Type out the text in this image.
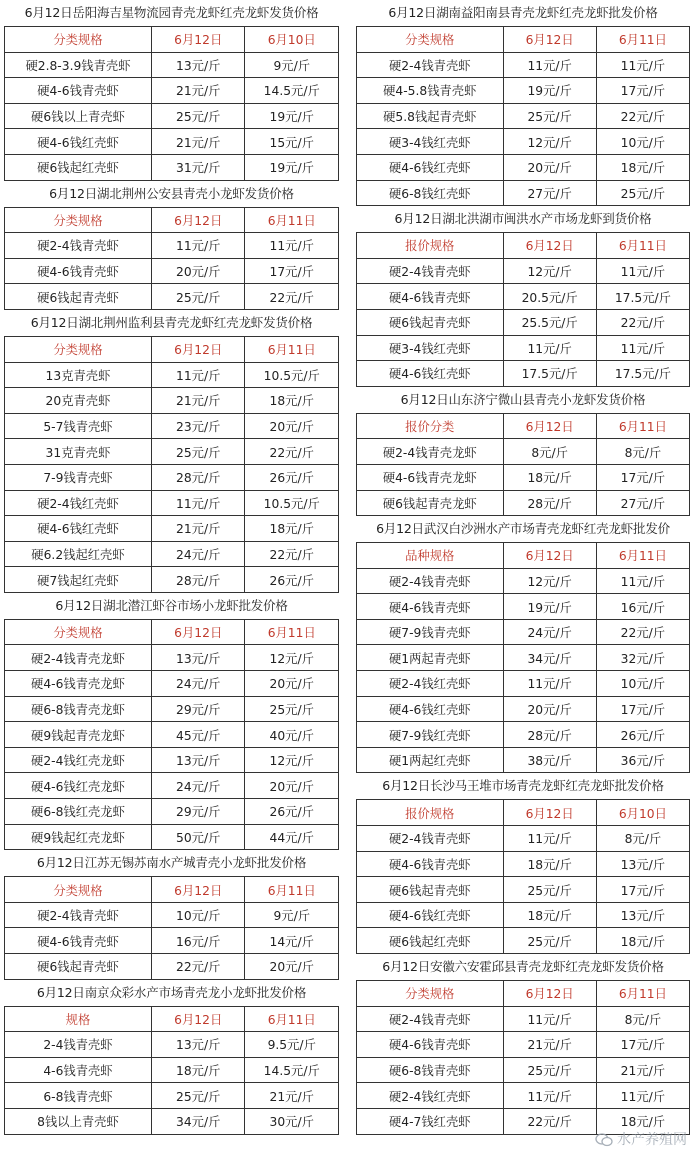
6月12日岳阳海吉星物流园青壳龙虾红壳龙虾发货价格
分类规格	6月12日	6月10日
硬2.8-3.9钱青壳虾	13元/斤	9元/斤
硬4-6钱青壳虾	21元/斤	14.5元/斤
硬6钱以上青壳虾	25元/斤	19元/斤
硬4-6钱红壳虾	21元/斤	15元/斤
硬6钱起红壳虾	31元/斤	19元/斤
6月12日湖北荆州公安县青壳小龙虾发货价格
分类规格	6月12日	6月11日
硬2-4钱青壳虾	11元/斤	11元/斤
硬4-6钱青壳虾	20元/斤	17元/斤
硬6钱起青壳虾	25元/斤	22元/斤
6月12日湖北荆州监利县青壳龙虾红壳龙虾发货价格
分类规格	6月12日	6月11日
13克青壳虾	11元/斤	10.5元/斤
20克青壳虾	21元/斤	18元/斤
5-7钱青壳虾	23元/斤	20元/斤
31克青壳虾	25元/斤	22元/斤
7-9钱青壳虾	28元/斤	26元/斤
硬2-4钱红壳虾	11元/斤	10.5元/斤
硬4-6钱红壳虾	21元/斤	18元/斤
硬6.2钱起红壳虾	24元/斤	22元/斤
硬7钱起红壳虾	28元/斤	26元/斤
6月12日湖北潜江虾谷市场小龙虾批发价格
分类规格	6月12日	6月11日
硬2-4钱青壳龙虾	13元/斤	12元/斤
硬4-6钱青壳龙虾	24元/斤	20元/斤
硬6-8钱青壳龙虾	29元/斤	25元/斤
硬9钱起青壳龙虾	45元/斤	40元/斤
硬2-4钱红壳龙虾	13元/斤	12元/斤
硬4-6钱红壳龙虾	24元/斤	20元/斤
硬6-8钱红壳龙虾	29元/斤	26元/斤
硬9钱起红壳龙虾	50元/斤	44元/斤
6月12日江苏无锡苏南水产城青壳小龙虾批发价格
分类规格	6月12日	6月11日
硬2-4钱青壳虾	10元/斤	9元/斤
硬4-6钱青壳虾	16元/斤	14元/斤
硬6钱起青壳虾	22元/斤	20元/斤
6月12日南京众彩水产市场青壳龙小龙虾批发价格
规格	6月12日	6月11日
2-4钱青壳虾	13元/斤	9.5元/斤
4-6钱青壳虾	18元/斤	14.5元/斤
6-8钱青壳虾	25元/斤	21元/斤
8钱以上青壳虾	34元/斤	30元/斤
6月12日湖南益阳南县青壳龙虾红壳龙虾批发价格
分类规格	6月12日	6月11日
硬2-4钱青壳虾	11元/斤	11元/斤
硬4-5.8钱青壳虾	19元/斤	17元/斤
硬5.8钱起青壳虾	25元/斤	22元/斤
硬3-4钱红壳虾	12元/斤	10元/斤
硬4-6钱红壳虾	20元/斤	18元/斤
硬6-8钱红壳虾	27元/斤	25元/斤
6月12日湖北洪湖市闽洪水产市场龙虾到货价格
报价规格	6月12日	6月11日
硬2-4钱青壳虾	12元/斤	11元/斤
硬4-6钱青壳虾	20.5元/斤	17.5元/斤
硬6钱起青壳虾	25.5元/斤	22元/斤
硬3-4钱红壳虾	11元/斤	11元/斤
硬4-6钱红壳虾	17.5元/斤	17.5元/斤
6月12日山东济宁微山县青壳小龙虾发货价格
报价分类	6月12日	6月11日
硬2-4钱青壳龙虾	8元/斤	8元/斤
硬4-6钱青壳龙虾	18元/斤	17元/斤
硬6钱起青壳龙虾	28元/斤	27元/斤
6月12日武汉白沙洲水产市场青壳龙虾红壳龙虾批发价
品种规格	6月12日	6月11日
硬2-4钱青壳虾	12元/斤	11元/斤
硬4-6钱青壳虾	19元/斤	16元/斤
硬7-9钱青壳虾	24元/斤	22元/斤
硬1两起青壳虾	34元/斤	32元/斤
硬2-4钱红壳虾	11元/斤	10元/斤
硬4-6钱红壳虾	20元/斤	17元/斤
硬7-9钱红壳虾	28元/斤	26元/斤
硬1两起红壳虾	38元/斤	36元/斤
6月12日长沙马王堆市场青壳龙虾红壳龙虾批发价格
报价规格	6月12日	6月10日
硬2-4钱青壳虾	11元/斤	8元/斤
硬4-6钱青壳虾	18元/斤	13元/斤
硬6钱起青壳虾	25元/斤	17元/斤
硬4-6钱红壳虾	18元/斤	13元/斤
硬6钱起红壳虾	25元/斤	18元/斤
6月12日安徽六安霍邱县青壳龙虾红壳龙虾发货价格
分类规格	6月12日	6月11日
硬2-4钱青壳虾	11元/斤	8元/斤
硬4-6钱青壳虾	21元/斤	17元/斤
硬6-8钱青壳虾	25元/斤	21元/斤
硬2-4钱红壳虾	11元/斤	11元/斤
硬4-7钱红壳虾	22元/斤	18元/斤
水产养殖网
